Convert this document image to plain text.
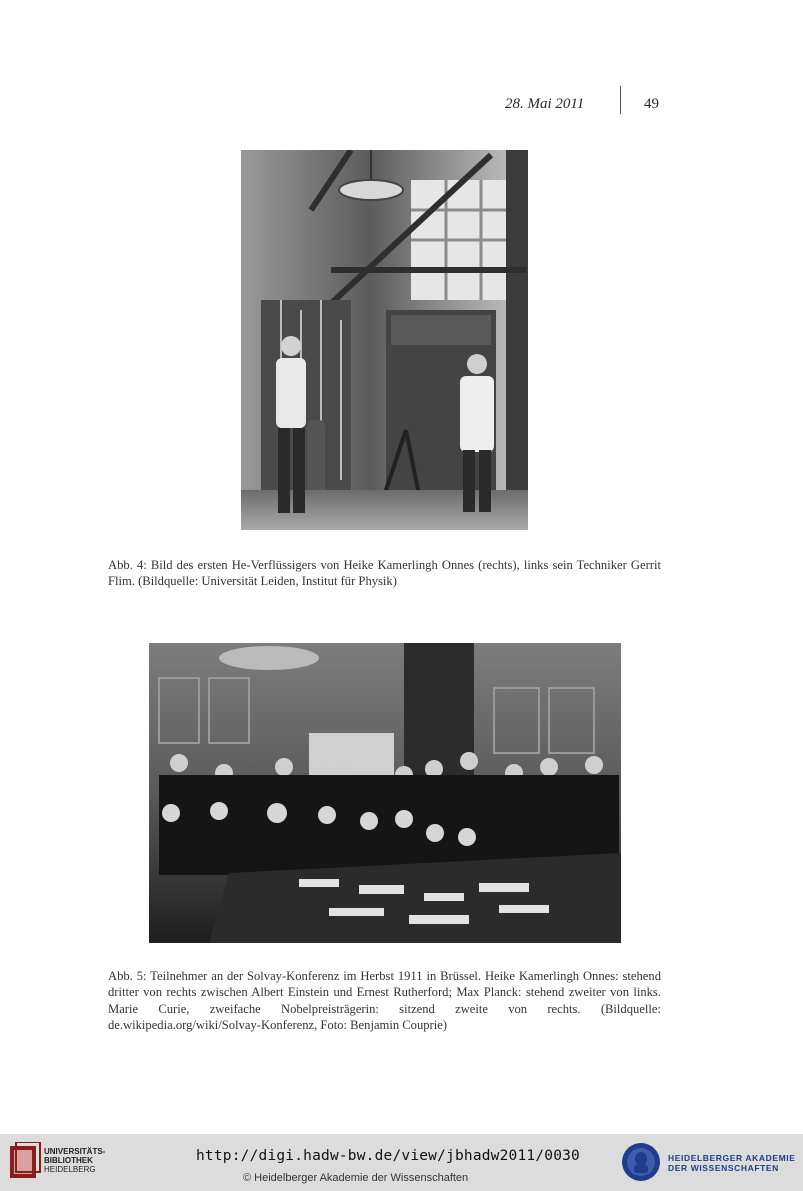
28. Mai 2011	49

Abb. 4: Bild des ersten He-Verflüssigers von Heike Kamerlingh Onnes (rechts), links sein Techniker Gerrit Flim. (Bildquelle: Universität Leiden, Institut für Physik)

Abb. 5: Teilnehmer an der Solvay-Konferenz im Herbst 1911 in Brüssel. Heike Kamerlingh Onnes: stehend dritter von rechts zwischen Albert Einstein und Ernest Rutherford; Max Planck: stehend zweiter von links. Marie Curie, zweifache Nobelpreisträgerin: sitzend zweite von rechts. (Bildquelle: de.wikipedia.org/wiki/Solvay-Konferenz, Foto: Benjamin Couprie)

UNIVERSITÄTS-
BIBLIOTHEK
HEIDELBERG
http://digi.hadw-bw.de/view/jbhadw2011/0030
© Heidelberger Akademie der Wissenschaften
HEIDELBERGER AKADEMIE
DER WISSENSCHAFTEN
